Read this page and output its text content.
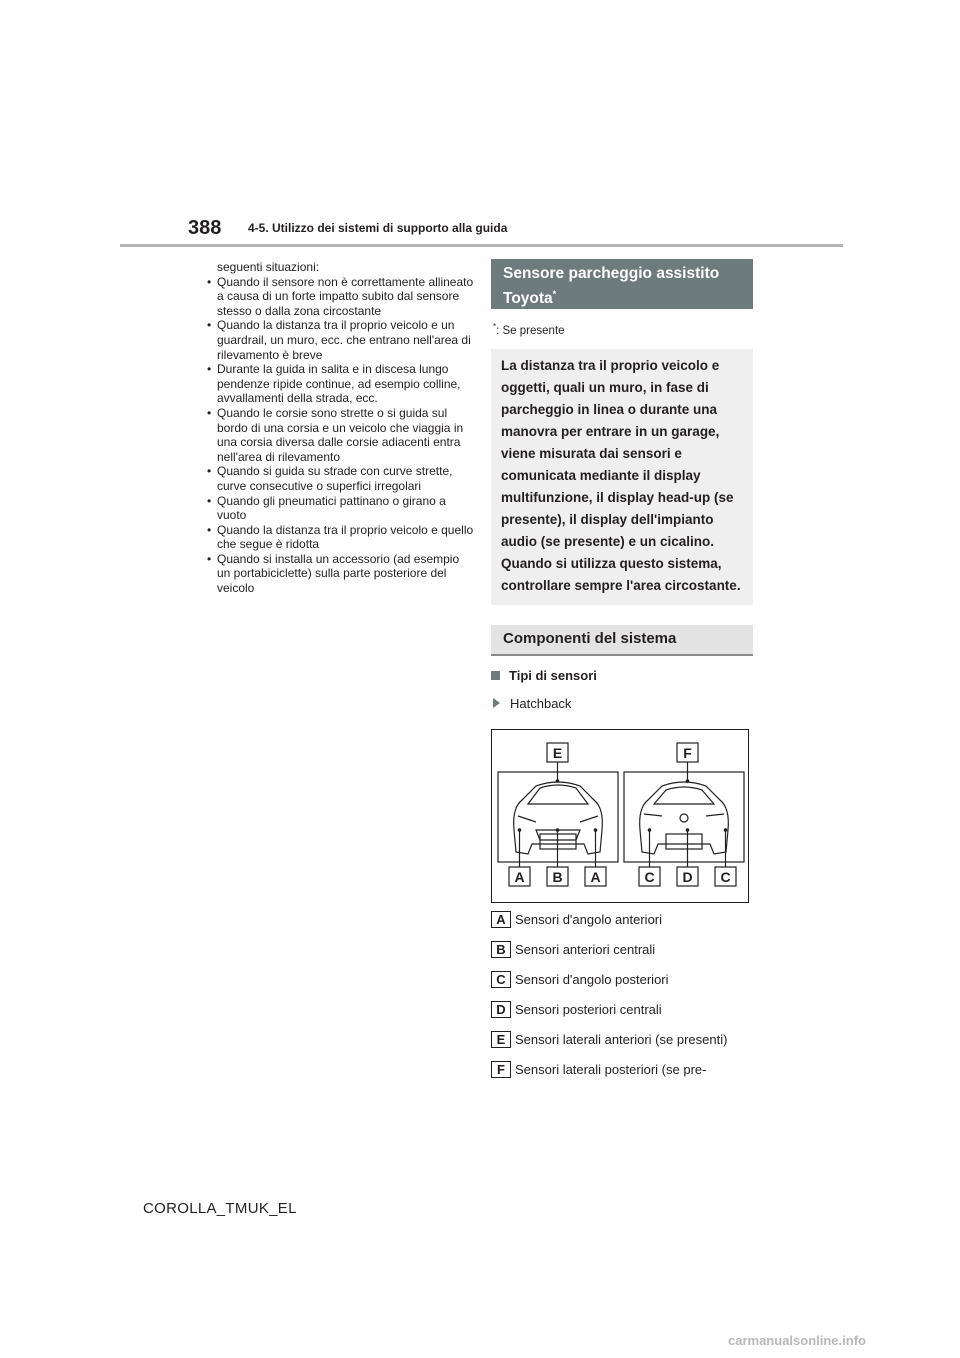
388 4-5. Utilizzo dei sistemi di supporto alla guida
seguenti situazioni:
• Quando il sensore non è correttamente allineato a causa di un forte impatto subito dal sensore stesso o dalla zona circostante
• Quando la distanza tra il proprio veicolo e un guardrail, un muro, ecc. che entrano nell'area di rilevamento è breve
• Durante la guida in salita e in discesa lungo pendenze ripide continue, ad esempio colline, avvallamenti della strada, ecc.
• Quando le corsie sono strette o si guida sul bordo di una corsia e un veicolo che viaggia in una corsia diversa dalle corsie adiacenti entra nell'area di rilevamento
• Quando si guida su strade con curve strette, curve consecutive o superfici irregolari
• Quando gli pneumatici pattinano o girano a vuoto
• Quando la distanza tra il proprio veicolo e quello che segue è ridotta
• Quando si installa un accessorio (ad esempio un portabiciclette) sulla parte posteriore del veicolo
Sensore parcheggio assistito Toyota*
*: Se presente
La distanza tra il proprio veicolo e oggetti, quali un muro, in fase di parcheggio in linea o durante una manovra per entrare in un garage, viene misurata dai sensori e comunicata mediante il display multifunzione, il display head-up (se presente), il display dell'impianto audio (se presente) e un cicalino. Quando si utilizza questo sistema, controllare sempre l'area circostante.
Componenti del sistema
Tipi di sensori
Hatchback
E	F
A B A	C D C
A Sensori d'angolo anteriori
B Sensori anteriori centrali
C Sensori d'angolo posteriori
D Sensori posteriori centrali
E Sensori laterali anteriori (se presenti)
F Sensori laterali posteriori (se pre-
COROLLA_TMUK_EL
carmanualsonline.info
